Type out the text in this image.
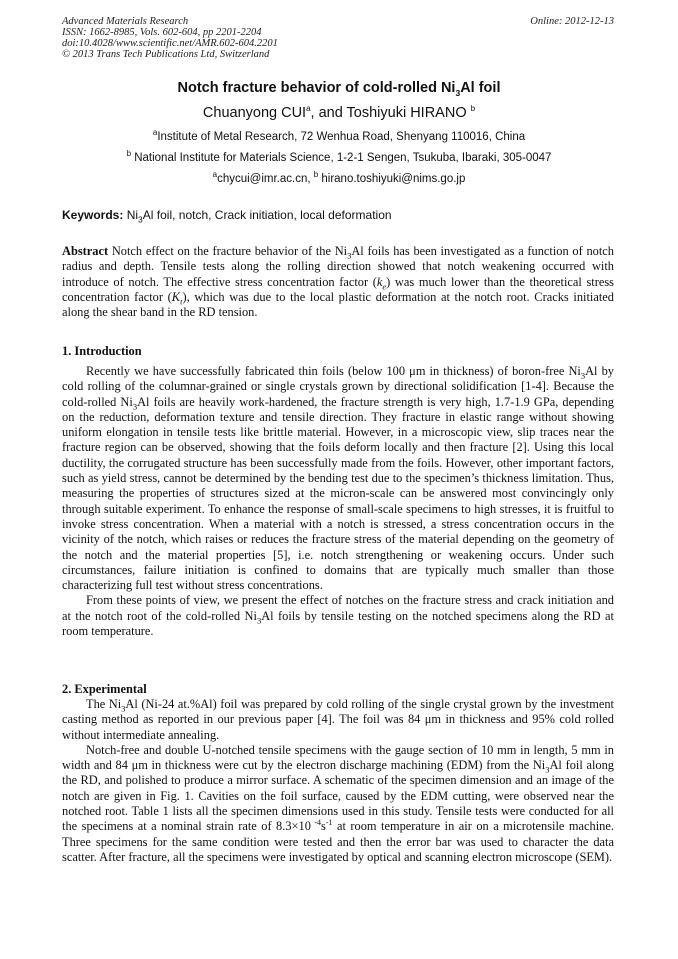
Advanced Materials Research
ISSN: 1662-8985, Vols. 602-604, pp 2201-2204
doi:10.4028/www.scientific.net/AMR.602-604.2201
© 2013 Trans Tech Publications Ltd, Switzerland
Online: 2012-12-13
Notch fracture behavior of cold-rolled $Ni_3Al$ foil
Chuanyong CUI$^a$, and Toshiyuki HIRANO $^b$
$^a$Institute of Metal Research, 72 Wenhua Road, Shenyang 110016, China
$^b$ National Institute for Materials Science, 1-2-1 Sengen, Tsukuba, Ibaraki, 305-0047
$^a$chycui@imr.ac.cn, $^b$ hirano.toshiyuki@nims.go.jp
Keywords: $Ni_3Al$ foil, notch, Crack initiation, local deformation

Abstract Notch effect on the fracture behavior of the $Ni_3Al$ foils has been investigated as a function of notch radius and depth. Tensile tests along the rolling direction showed that notch weakening occurred with introduce of notch. The effective stress concentration factor $(k_e)$ was much lower than the theoretical stress concentration factor $(K_t)$, which was due to the local plastic deformation at the notch root. Cracks initiated along the shear band in the RD tension.

1. Introduction

Recently we have successfully fabricated thin foils (below 100 μm in thickness) of boron-free $Ni_3Al$ by cold rolling of the columnar-grained or single crystals grown by directional solidification [1-4]. Because the cold-rolled $Ni_3Al$ foils are heavily work-hardened, the fracture strength is very high, 1.7-1.9 GPa, depending on the reduction, deformation texture and tensile direction. They fracture in elastic range without showing uniform elongation in tensile tests like brittle material. However, in a microscopic view, slip traces near the fracture region can be observed, showing that the foils deform locally and then fracture [2]. Using this local ductility, the corrugated structure has been successfully made from the foils. However, other important factors, such as yield stress, cannot be determined by the bending test due to the specimen’s thickness limitation. Thus, measuring the properties of structures sized at the micron-scale can be answered most convincingly only through suitable experiment. To enhance the response of small-scale specimens to high stresses, it is fruitful to invoke stress concentration. When a material with a notch is stressed, a stress concentration occurs in the vicinity of the notch, which raises or reduces the fracture stress of the material depending on the geometry of the notch and the material properties [5], i.e. notch strengthening or weakening occurs. Under such circumstances, failure initiation is confined to domains that are typically much smaller than those characterizing full test without stress concentrations.

From these points of view, we present the effect of notches on the fracture stress and crack initiation and at the notch root of the cold-rolled $Ni_3Al$ foils by tensile testing on the notched specimens along the RD at room temperature.

2. Experimental

The $Ni_3Al$ (Ni-24 at.%Al) foil was prepared by cold rolling of the single crystal grown by the investment casting method as reported in our previous paper [4]. The foil was 84 μm in thickness and 95% cold rolled without intermediate annealing.

Notch-free and double U-notched tensile specimens with the gauge section of 10 mm in length, 5 mm in width and 84 μm in thickness were cut by the electron discharge machining (EDM) from the $Ni_3Al$ foil along the RD, and polished to produce a mirror surface. A schematic of the specimen dimension and an image of the notch are given in Fig. 1. Cavities on the foil surface, caused by the EDM cutting, were observed near the notched root. Table 1 lists all the specimen dimensions used in this study. Tensile tests were conducted for all the specimens at a nominal strain rate of 8.3×10 $^{-4}s^{-1}$ at room temperature in air on a microtensile machine. Three specimens for the same condition were tested and then the error bar was used to character the data scatter. After fracture, all the specimens were investigated by optical and scanning electron microscope (SEM).
